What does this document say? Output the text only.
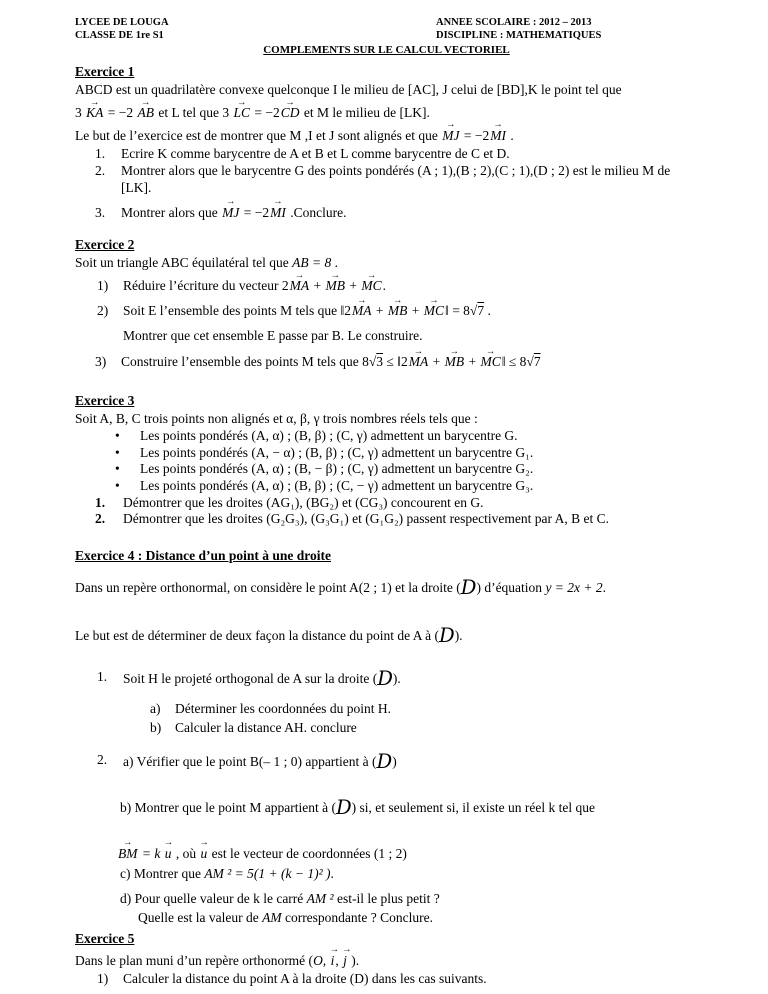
LYCEE DE LOUGA
CLASSE DE 1re S1
ANNEE SCOLAIRE : 2012 – 2013
DISCIPLINE : MATHEMATIQUES
COMPLEMENTS SUR LE CALCUL VECTORIEL
Exercice 1
ABCD est un quadrilatère convexe quelconque I le milieu de [AC], J celui de [BD],K le point tel que
3 KA → = −2 AB → et L tel que 3 LC → = −2CD → et M le milieu de [LK].
Le but de l’exercice est de montrer que M ,I et J sont alignés et que MJ → = −2MI → .
1.	Ecrire K comme barycentre de A et B et L comme barycentre de C et D.
2.	Montrer alors que le barycentre G des points pondérés (A ; 1),(B ; 2),(C ; 1),(D ; 2) est le milieu M de [LK].
3.	Montrer alors que MJ → = −2MI → .Conclure.
Exercice 2
Soit un triangle ABC équilatéral tel que AB = 8 .
1)	Réduire l’écriture du vecteur 2MA → + MB → + MC →.
2)	Soit E l’ensemble des points M tels que ‖2MA → + MB → + MC →‖ = 8√7 .
Montrer que cet ensemble E passe par B. Le construire.
3)	Construire l’ensemble des points M tels que 8√3 ≤ ‖2MA → + MB → + MC →‖ ≤ 8√7
Exercice 3
Soit A, B, C trois points non alignés et α, β, γ trois nombres réels tels que :
•	Les points pondérés (A, α) ; (B, β) ; (C, γ) admettent un barycentre G.
•	Les points pondérés (A, − α) ; (B, β) ; (C, γ) admettent un barycentre G₁.
•	Les points pondérés (A, α) ; (B, − β) ; (C, γ) admettent un barycentre G₂.
•	Les points pondérés (A, α) ; (B, β) ; (C, − γ) admettent un barycentre G₃.
1.	Démontrer que les droites (AG₁), (BG₂) et (CG₃) concourent en G.
2.	Démontrer que les droites (G₂G₃), (G₃G₁) et (G₁G₂) passent respectivement par A, B et C.
Exercice 4 : Distance d’un point à une droite
Dans un repère orthonormal, on considère le point A(2 ; 1) et la droite (D) d’équation y = 2x + 2.
Le but est de déterminer de deux façon la distance du point de A à (D).
1.	Soit H le projeté orthogonal de A sur la droite (D).
a)	Déterminer les coordonnées du point H.
b)	Calculer la distance AH. conclure
2.	a) Vérifier que le point B(– 1 ; 0) appartient à (D)
b) Montrer que le point M appartient à (D) si, et seulement si, il existe un réel k tel que
BM → = k u → , où u → est le vecteur de coordonnées (1 ; 2)
c) Montrer que AM ² = 5(1 + (k − 1)² ).
d) Pour quelle valeur de k le carré AM ² est-il le plus petit ?
Quelle est la valeur de AM correspondante ? Conclure.
Exercice 5
Dans le plan muni d’un repère orthonormé (O, i →, j → ).
1)	Calculer la distance du point A à la droite (D) dans les cas suivants.
